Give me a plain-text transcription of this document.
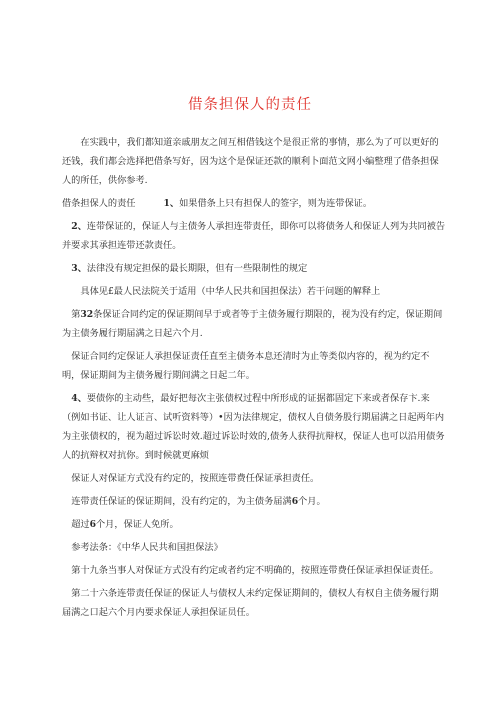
借条担保人的责任

在实践中，我们都知道亲戚朋友之间互相借钱这个是很正常的事情，那么为了可以更好的还钱，我们都会选择把借条写好，因为这个是保证还款的顺利卜面范文网小编整理了借条担保人的所任，供你参考.

借条担保人的责任	1、如果借条上只有担保人的签字，则为连带保证。

2、连带保证的，保证人与主债务人承担连带责任，即你可以将债务人和保证人列为共同被告并要求其承担连带还款责任。

3、法律没有规定担保的最长期限，但有一些限制性的规定

具体见£最人民法院关于适用（中华人民共和国担保法）若干问题的解释上

第32条保证合同约定的保证期间早于或者等于主债务履行期限的，视为没有约定，保证期间为主债务履行期届满之日起六个月.

保证合同约定保证人承担保证责任直至主债务本息还清时为止等类似内容的，视为约定不明，保证期间为主债务履行期间满之日起二年。

4、要债你的主动些，最好把每次主张债权过程中所形成的证据都固定下来或者保存卞.来（例如书证、让人证言、试听资料等）•因为法律规定，债权人自债务股行期届满之日起两年内为主张债权的，视为超过诉讼时效.超过诉讼时效的,债务人获得抗辩权，保证人也可以沿用债务人的抗辩权对抗你。到时候就更麻烦

保证人对保证方式没有约定的，按照连带费任保证承担责任。

连带责任保证的保证期间，没有约定的，为主债务届满6个月。

超过6个月，保证人免所。

参考法条：《中华人民共和国担保法》

第十九条当事人对保证方式没有约定或者约定不明确的，按照连带费任保证承担保证责任。

第二十六条连带责任保证的保证人与债权人未约定保证期间的，债权人有权自主债务履行期届满之口起六个月内要求保证人承担保证员任。
